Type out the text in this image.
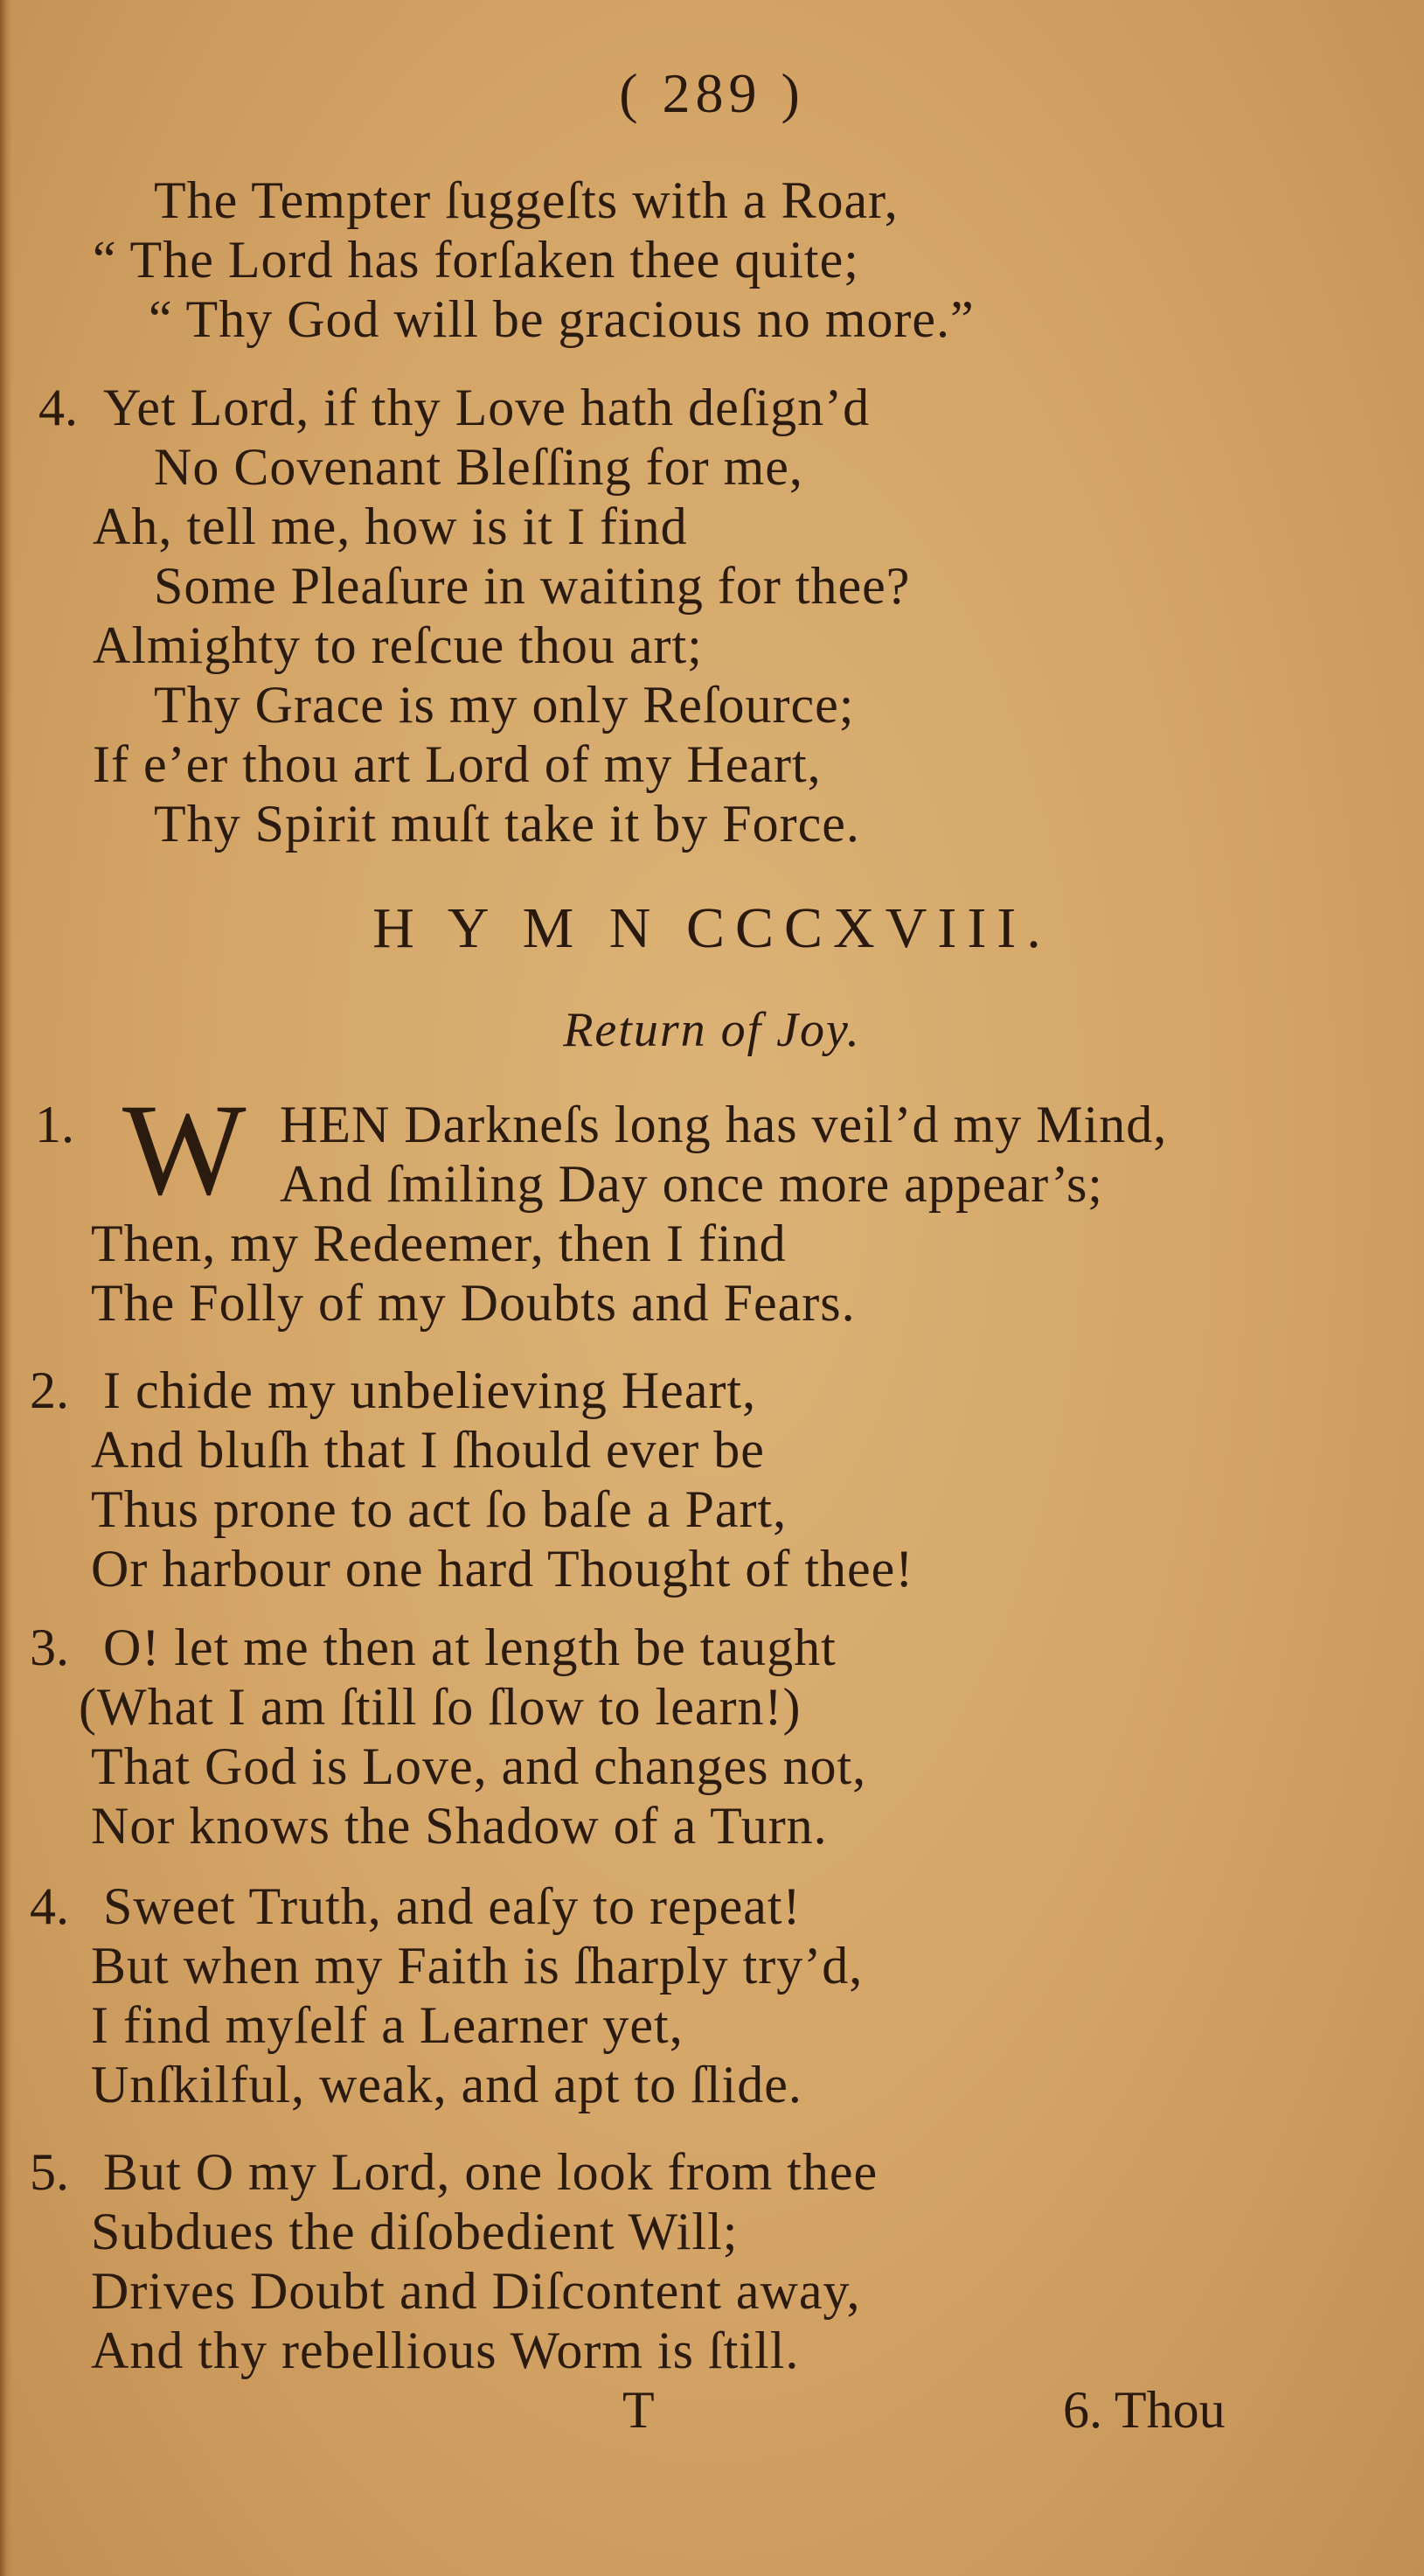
( 289 )
The Tempter ſuggeſts with a Roar,
“ The Lord has forſaken thee quite;
“ Thy God will be gracious no more.”
4. Yet Lord, if thy Love hath deſign’d
No Covenant Bleſſing for me,
Ah, tell me, how is it I find
Some Pleaſure in waiting for thee?
Almighty to reſcue thou art;
Thy Grace is my only Reſource;
If e’er thou art Lord of my Heart,
Thy Spirit muſt take it by Force.
H Y M N CCCXVIII.
Return of Joy.
1. W HEN Darkneſs long has veil’d my Mind,
And ſmiling Day once more appear’s;
Then, my Redeemer, then I find
The Folly of my Doubts and Fears.
2. I chide my unbelieving Heart,
And bluſh that I ſhould ever be
Thus prone to act ſo baſe a Part,
Or harbour one hard Thought of thee!
3. O! let me then at length be taught
(What I am ſtill ſo ſlow to learn!)
That God is Love, and changes not,
Nor knows the Shadow of a Turn.
4. Sweet Truth, and eaſy to repeat!
But when my Faith is ſharply try’d,
I find myſelf a Learner yet,
Unſkilful, weak, and apt to ſlide.
5. But O my Lord, one look from thee
Subdues the diſobedient Will;
Drives Doubt and Diſcontent away,
And thy rebellious Worm is ſtill.
T	6. Thou
